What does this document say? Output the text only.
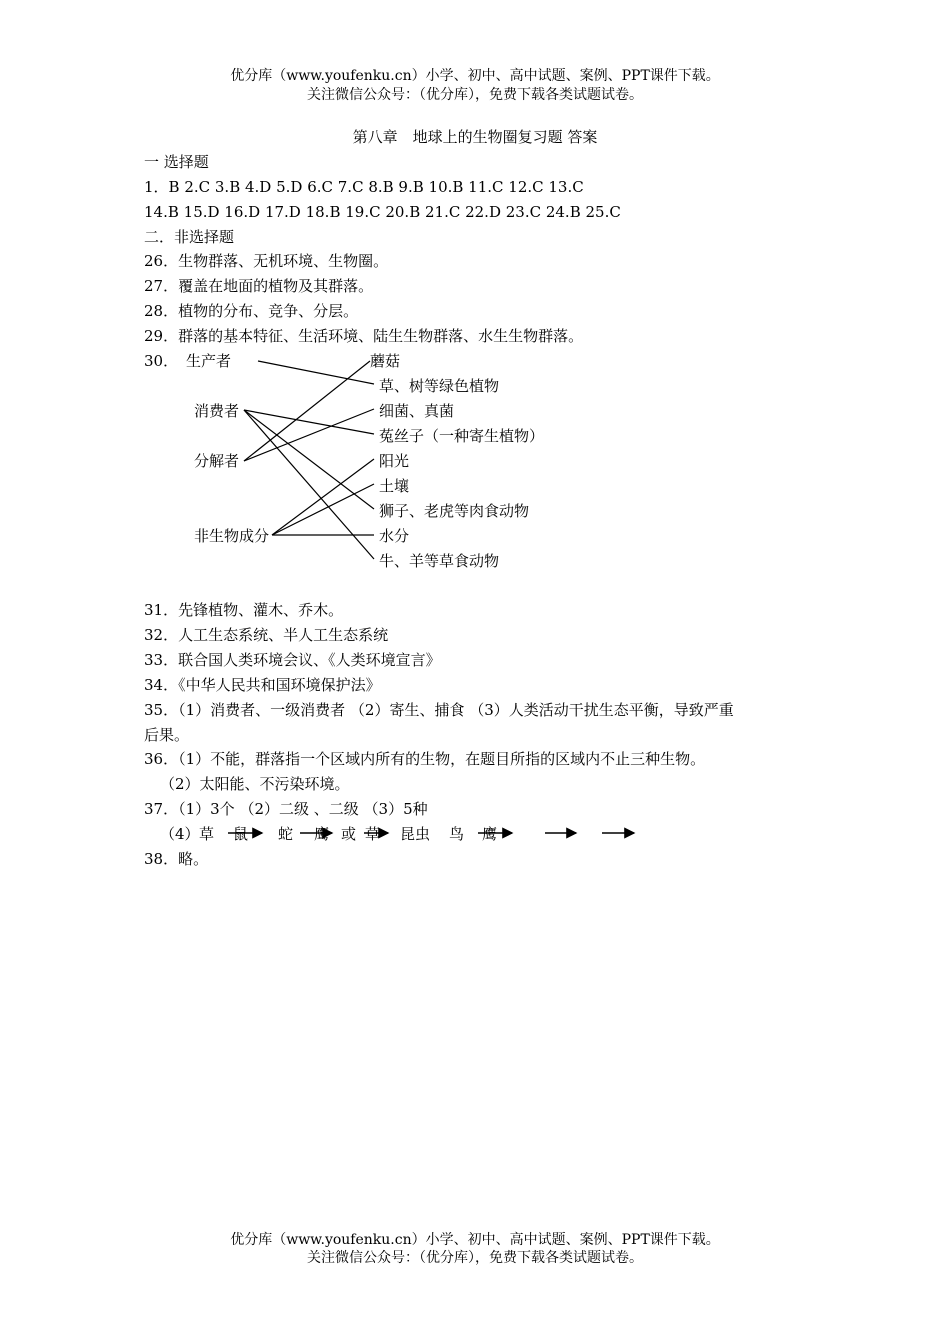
优分库（www.youfenku.cn）小学、初中、高中试题、案例、PPT课件下载。
关注微信公众号：（优分库），免费下载各类试题试卷。
第八章　地球上的生物圈复习题 答案
一 选择题
1．B 2.C 3.B 4.D 5.D 6.C 7.C 8.B 9.B 10.B 11.C 12.C 13.C
14.B 15.D 16.D 17.D 18.B 19.C 20.B 21.C 22.D 23.C 24.B 25.C
二．非选择题
26．生物群落、无机环境、生物圈。
27．覆盖在地面的植物及其群落。
28．植物的分布、竞争、分层。
29．群落的基本特征、生活环境、陆生生物群落、水生生物群落。
30． 生产者
消费者
分解者
非生物成分
蘑菇
草、树等绿色植物
细菌、真菌
菟丝子（一种寄生植物）
阳光
土壤
狮子、老虎等肉食动物
水分
牛、羊等草食动物
31．先锋植物、灌木、乔木。
32．人工生态系统、半人工生态系统
33．联合国人类环境会议、《人类环境宣言》
34．《中华人民共和国环境保护法》
35．（1）消费者、一级消费者 （2）寄生、捕食 （3）人类活动干扰生态平衡，导致严重
后果。
36．（1）不能，群落指一个区域内所有的生物，在题目所指的区域内不止三种生物。
（2）太阳能、不污染环境。
37．（1）3个 （2）二级 、二级 （3）5种
（4） 草 鼠 蛇 鹰 或 草 昆虫 鸟 鹰
38．略。
优分库（www.youfenku.cn）小学、初中、高中试题、案例、PPT课件下载。
关注微信公众号：（优分库），免费下载各类试题试卷。
